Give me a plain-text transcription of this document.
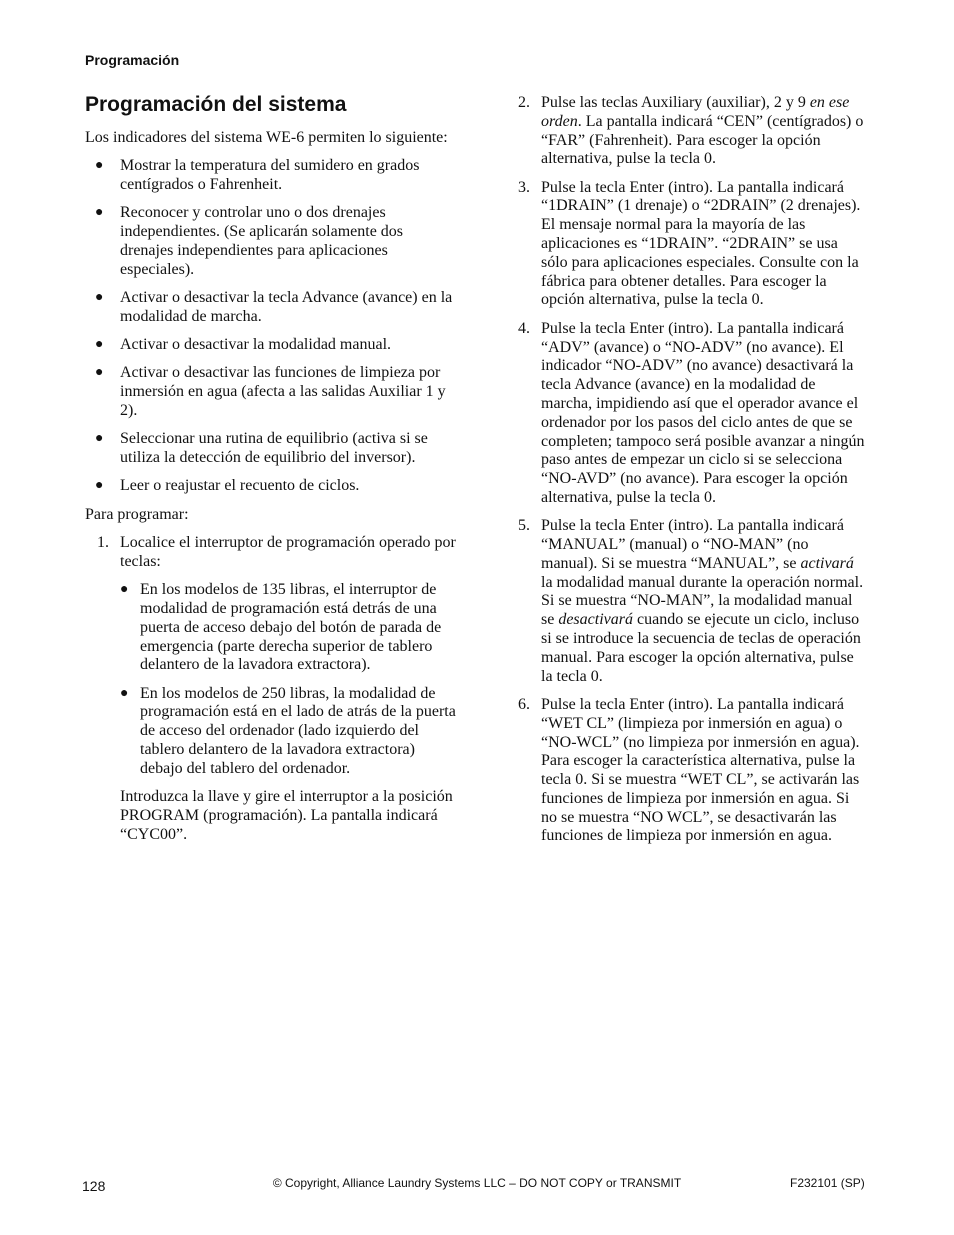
Programación
Programación del sistema

Los indicadores del sistema WE-6 permiten lo siguiente:

● Mostrar la temperatura del sumidero en grados centígrados o Fahrenheit.
● Reconocer y controlar uno o dos drenajes independientes. (Se aplicarán solamente dos drenajes independientes para aplicaciones especiales).
● Activar o desactivar la tecla Advance (avance) en la modalidad de marcha.
● Activar o desactivar la modalidad manual.
● Activar o desactivar las funciones de limpieza por inmersión en agua (afecta a las salidas Auxiliar 1 y 2).
● Seleccionar una rutina de equilibrio (activa si se utiliza la detección de equilibrio del inversor).
● Leer o reajustar el recuento de ciclos.

Para programar:

1. Localice el interruptor de programación operado por teclas:
● En los modelos de 135 libras, el interruptor de modalidad de programación está detrás de una puerta de acceso debajo del botón de parada de emergencia (parte derecha superior de tablero delantero de la lavadora extractora).
● En los modelos de 250 libras, la modalidad de programación está en el lado de atrás de la puerta de acceso del ordenador (lado izquierdo del tablero delantero de la lavadora extractora) debajo del tablero del ordenador.
Introduzca la llave y gire el interruptor a la posición PROGRAM (programación). La pantalla indicará “CYC00”.
2. Pulse las teclas Auxiliary (auxiliar), 2 y 9 en ese orden. La pantalla indicará “CEN” (centígrados) o “FAR” (Fahrenheit). Para escoger la opción alternativa, pulse la tecla 0.
3. Pulse la tecla Enter (intro). La pantalla indicará “1DRAIN” (1 drenaje) o “2DRAIN” (2 drenajes). El mensaje normal para la mayoría de las aplicaciones es “1DRAIN”. “2DRAIN” se usa sólo para aplicaciones especiales. Consulte con la fábrica para obtener detalles. Para escoger la opción alternativa, pulse la tecla 0.
4. Pulse la tecla Enter (intro). La pantalla indicará “ADV” (avance) o “NO-ADV” (no avance). El indicador “NO-ADV” (no avance) desactivará la tecla Advance (avance) en la modalidad de marcha, impidiendo así que el operador avance el ordenador por los pasos del ciclo antes de que se completen; tampoco será posible avanzar a ningún paso antes de empezar un ciclo si se selecciona “NO-AVD” (no avance). Para escoger la opción alternativa, pulse la tecla 0.
5. Pulse la tecla Enter (intro). La pantalla indicará “MANUAL” (manual) o “NO-MAN” (no manual). Si se muestra “MANUAL”, se activará la modalidad manual durante la operación normal. Si se muestra “NO-MAN”, la modalidad manual se desactivará cuando se ejecute un ciclo, incluso si se introduce la secuencia de teclas de operación manual. Para escoger la opción alternativa, pulse la tecla 0.
6. Pulse la tecla Enter (intro). La pantalla indicará “WET CL” (limpieza por inmersión en agua) o “NO-WCL” (no limpieza por inmersión en agua). Para escoger la característica alternativa, pulse la tecla 0. Si se muestra “WET CL”, se activarán las funciones de limpieza por inmersión en agua. Si no se muestra “NO WCL”, se desactivarán las funciones de limpieza por inmersión en agua.
128	© Copyright, Alliance Laundry Systems LLC – DO NOT COPY or TRANSMIT	F232101 (SP)
